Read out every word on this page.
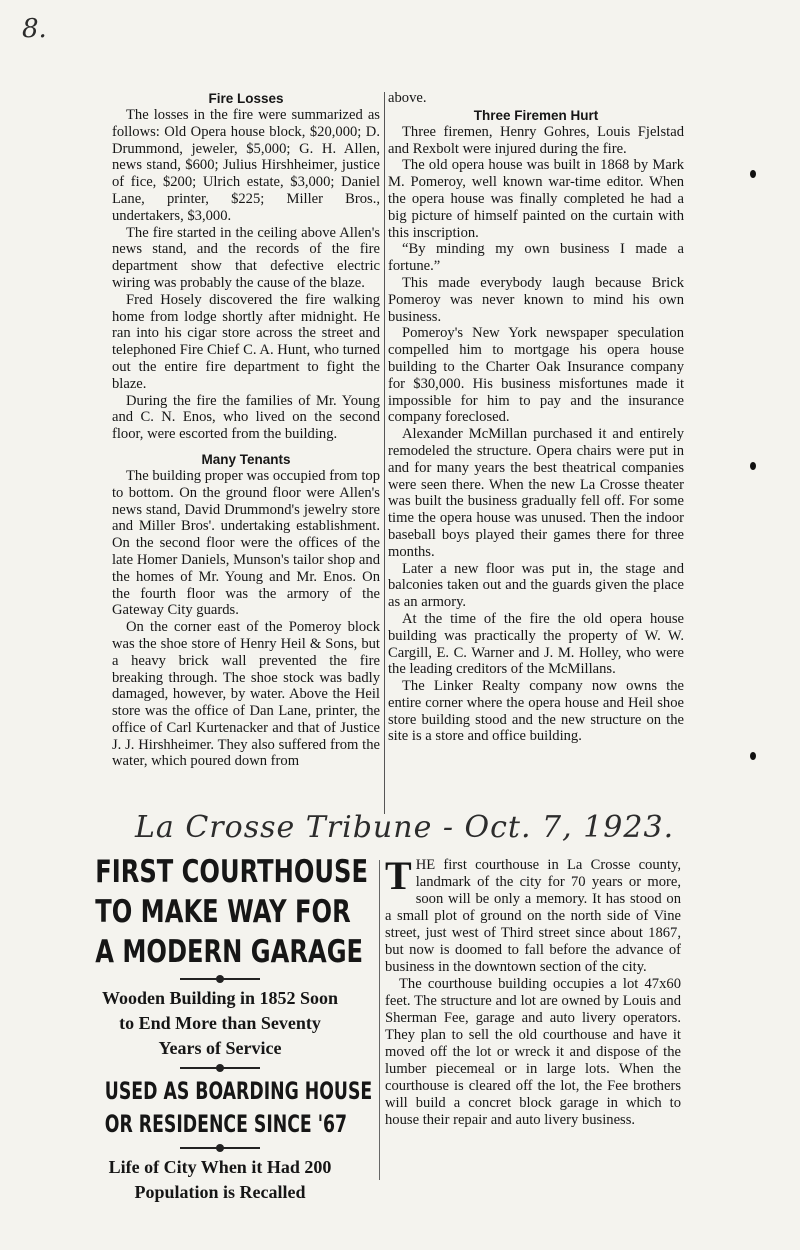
8.
Fire Losses

The losses in the fire were summarized as follows: Old Opera house block, $20,000; D. Drummond, jeweler, $5,000; G. H. Allen, news stand, $600; Julius Hirshheimer, justice of fice, $200; Ulrich estate, $3,000; Daniel Lane, printer, $225; Miller Bros., undertakers, $3,000.

The fire started in the ceiling above Allen's news stand, and the records of the fire department show that defective electric wiring was probably the cause of the blaze.

Fred Hosely discovered the fire walking home from lodge shortly after midnight. He ran into his cigar store across the street and telephoned Fire Chief C. A. Hunt, who turned out the entire fire department to fight the blaze.

During the fire the families of Mr. Young and C. N. Enos, who lived on the second floor, were escorted from the building.

Many Tenants

The building proper was occupied from top to bottom. On the ground floor were Allen's news stand, David Drummond's jewelry store and Miller Bros'. undertaking establishment. On the second floor were the offices of the late Homer Daniels, Munson's tailor shop and the homes of Mr. Young and Mr. Enos. On the fourth floor was the armory of the Gateway City guards.

On the corner east of the Pomeroy block was the shoe store of Henry Heil & Sons, but a heavy brick wall prevented the fire breaking through. The shoe stock was badly damaged, however, by water. Above the Heil store was the office of Dan Lane, printer, the office of Carl Kurtenacker and that of Justice J. J. Hirshheimer. They also suffered from the water, which poured down from

above.

Three Firemen Hurt

Three firemen, Henry Gohres, Louis Fjelstad and Rexbolt were injured during the fire.

The old opera house was built in 1868 by Mark M. Pomeroy, well known war-time editor. When the opera house was finally completed he had a big picture of himself painted on the curtain with this inscription.

“By minding my own business I made a fortune.”

This made everybody laugh because Brick Pomeroy was never known to mind his own business.

Pomeroy's New York newspaper speculation compelled him to mortgage his opera house building to the Charter Oak Insurance company for $30,000. His business misfortunes made it impossible for him to pay and the insurance company foreclosed.

Alexander McMillan purchased it and entirely remodeled the structure. Opera chairs were put in and for many years the best theatrical companies were seen there. When the new La Crosse theater was built the business gradually fell off. For some time the opera house was unused. Then the indoor baseball boys played their games there for three months.

Later a new floor was put in, the stage and balconies taken out and the guards given the place as an armory.

At the time of the fire the old opera house building was practically the property of W. W. Cargill, E. C. Warner and J. M. Holley, who were the leading creditors of the McMillans.

The Linker Realty company now owns the entire corner where the opera house and Heil shoe store building stood and the new structure on the site is a store and office building.

La Crosse Tribune - Oct. 7, 1923.
FIRST COURTHOUSE
TO MAKE WAY FOR
A MODERN GARAGE
Wooden Building in 1852 Soon
to End More than Seventy
Years of Service
USED AS BOARDING HOUSE
OR RESIDENCE SINCE '67
Life of City When it Had 200
Population is Recalled

THE first courthouse in La Crosse county, landmark of the city for 70 years or more, soon will be only a memory. It has stood on a small plot of ground on the north side of Vine street, just west of Third street since about 1867, but now is doomed to fall before the advance of business in the downtown section of the city.

The courthouse building occupies a lot 47x60 feet. The structure and lot are owned by Louis and Sherman Fee, garage and auto livery operators. They plan to sell the old courthouse and have it moved off the lot or wreck it and dispose of the lumber piecemeal or in large lots. When the courthouse is cleared off the lot, the Fee brothers will build a concret block garage in which to house their repair and auto livery business.
